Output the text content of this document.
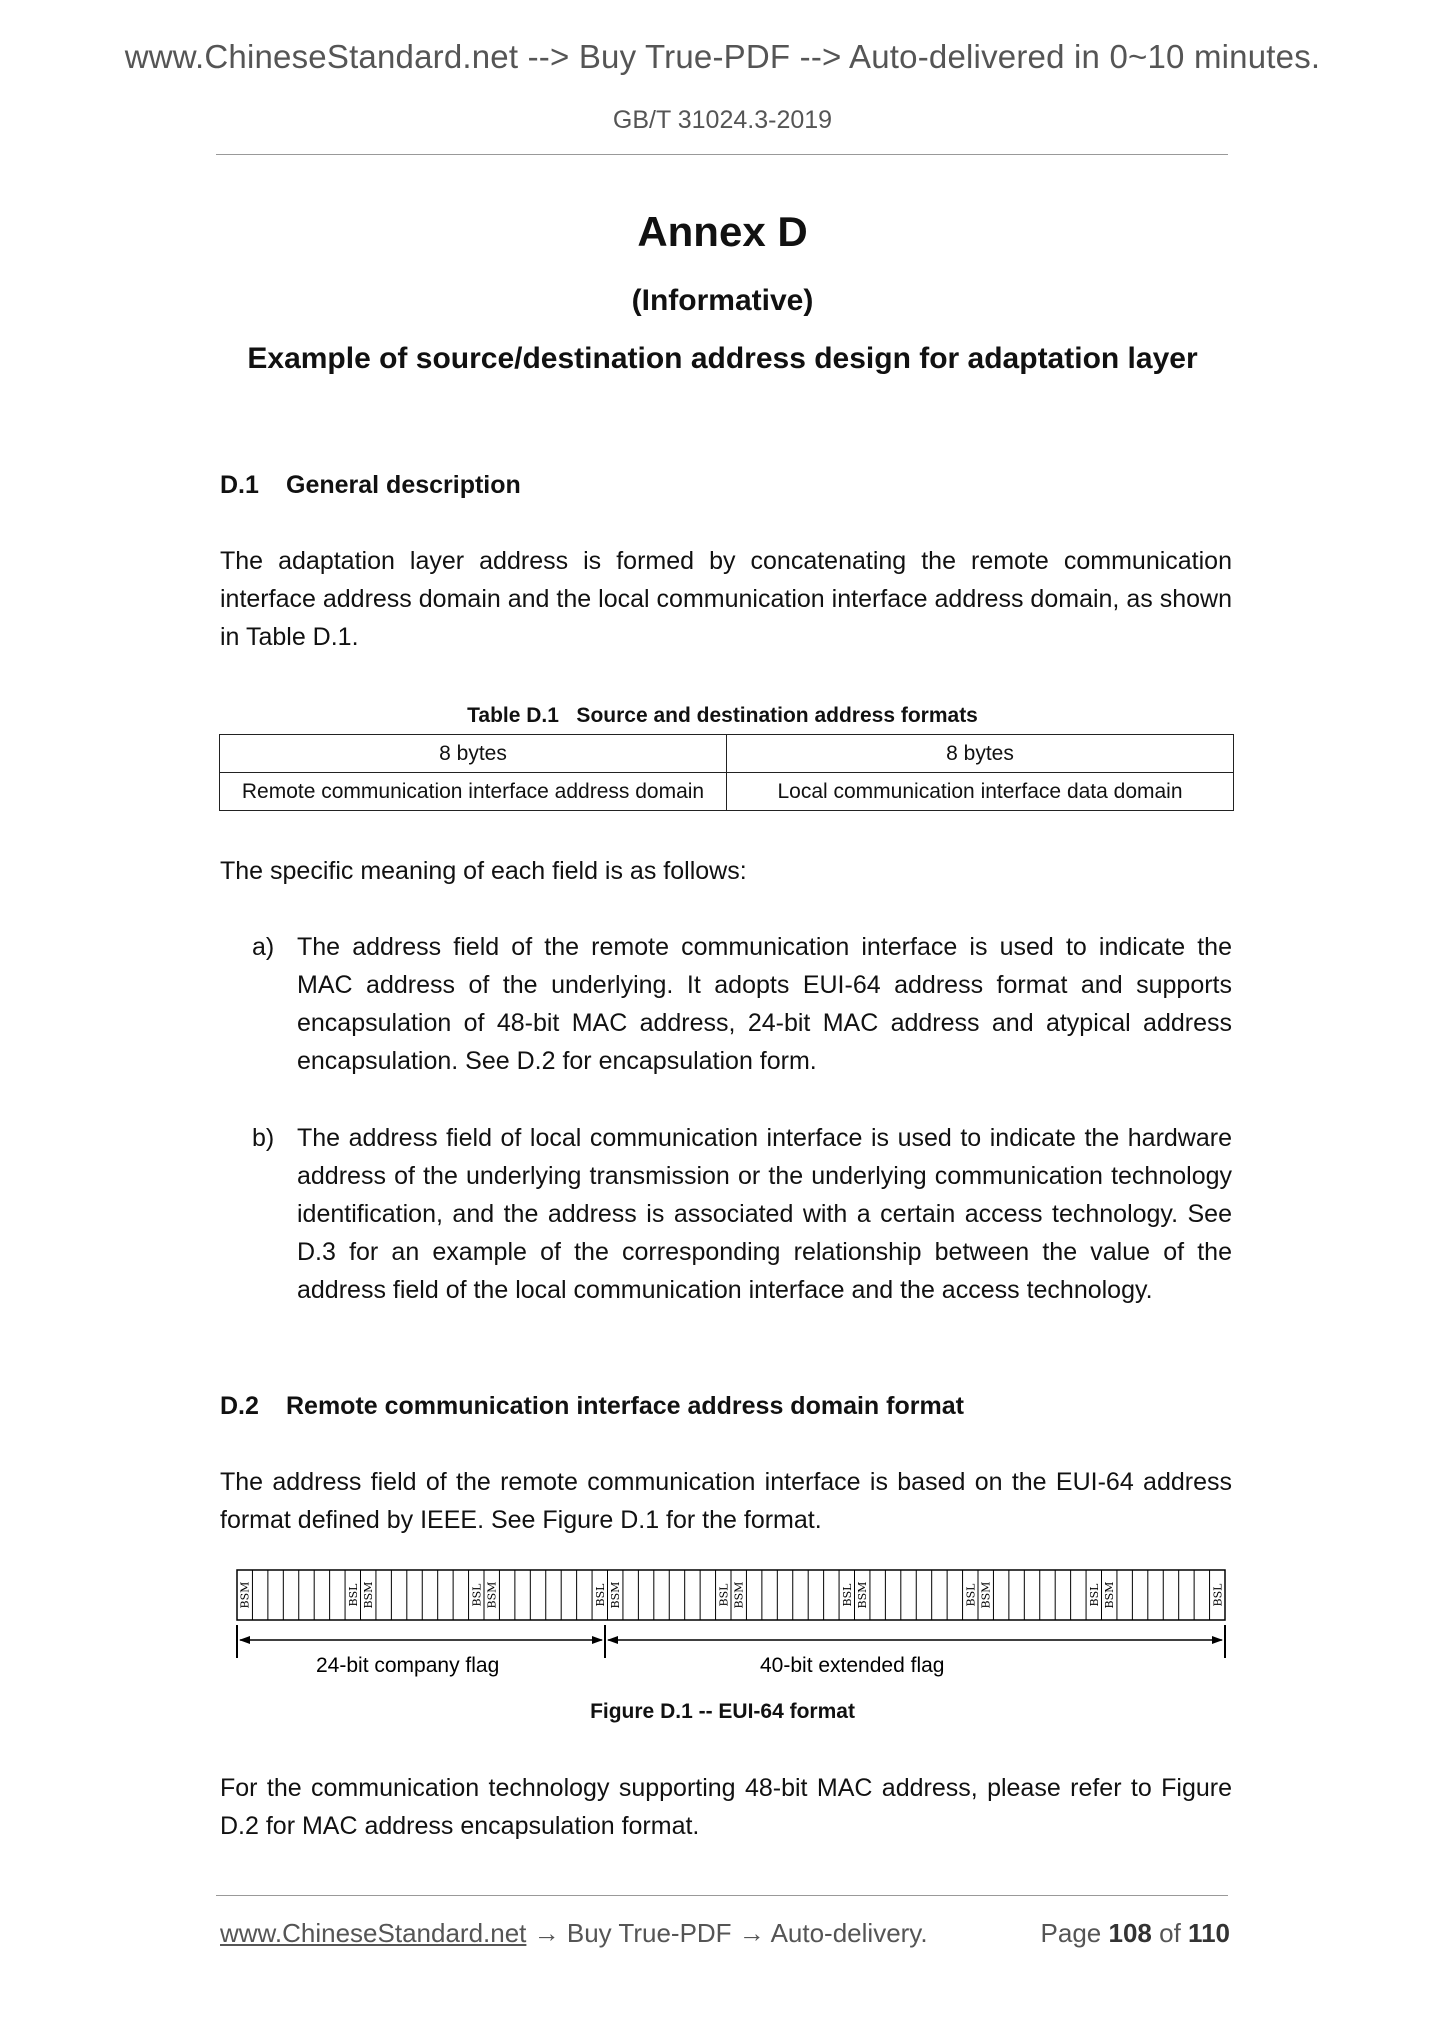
www.ChineseStandard.net --> Buy True-PDF --> Auto-delivered in 0~10 minutes.
GB/T 31024.3-2019
Annex D
(Informative)
Example of source/destination address design for adaptation layer
D.1 General description
The adaptation layer address is formed by concatenating the remote communication interface address domain and the local communication interface address domain, as shown in Table D.1.
Table D.1   Source and destination address formats
8 bytes	8 bytes
Remote communication interface address domain	Local communication interface data domain
The specific meaning of each field is as follows:
a) The address field of the remote communication interface is used to indicate the MAC address of the underlying. It adopts EUI-64 address format and supports encapsulation of 48-bit MAC address, 24-bit MAC address and atypical address encapsulation. See D.2 for encapsulation form.
b) The address field of local communication interface is used to indicate the hardware address of the underlying transmission or the underlying communication technology identification, and the address is associated with a certain access technology. See D.3 for an example of the corresponding relationship between the value of the address field of the local communication interface and the access technology.
D.2 Remote communication interface address domain format
The address field of the remote communication interface is based on the EUI-64 address format defined by IEEE. See Figure D.1 for the format.
BSM	BSL BSM	BSL BSM	BSL BSM	BSL BSM	BSL BSM	BSL BSM	BSL BSM	BSL
24-bit company flag	40-bit extended flag
Figure D.1 -- EUI-64 format
For the communication technology supporting 48-bit MAC address, please refer to Figure D.2 for MAC address encapsulation format.
www.ChineseStandard.net → Buy True-PDF → Auto-delivery.	Page 108 of 110
